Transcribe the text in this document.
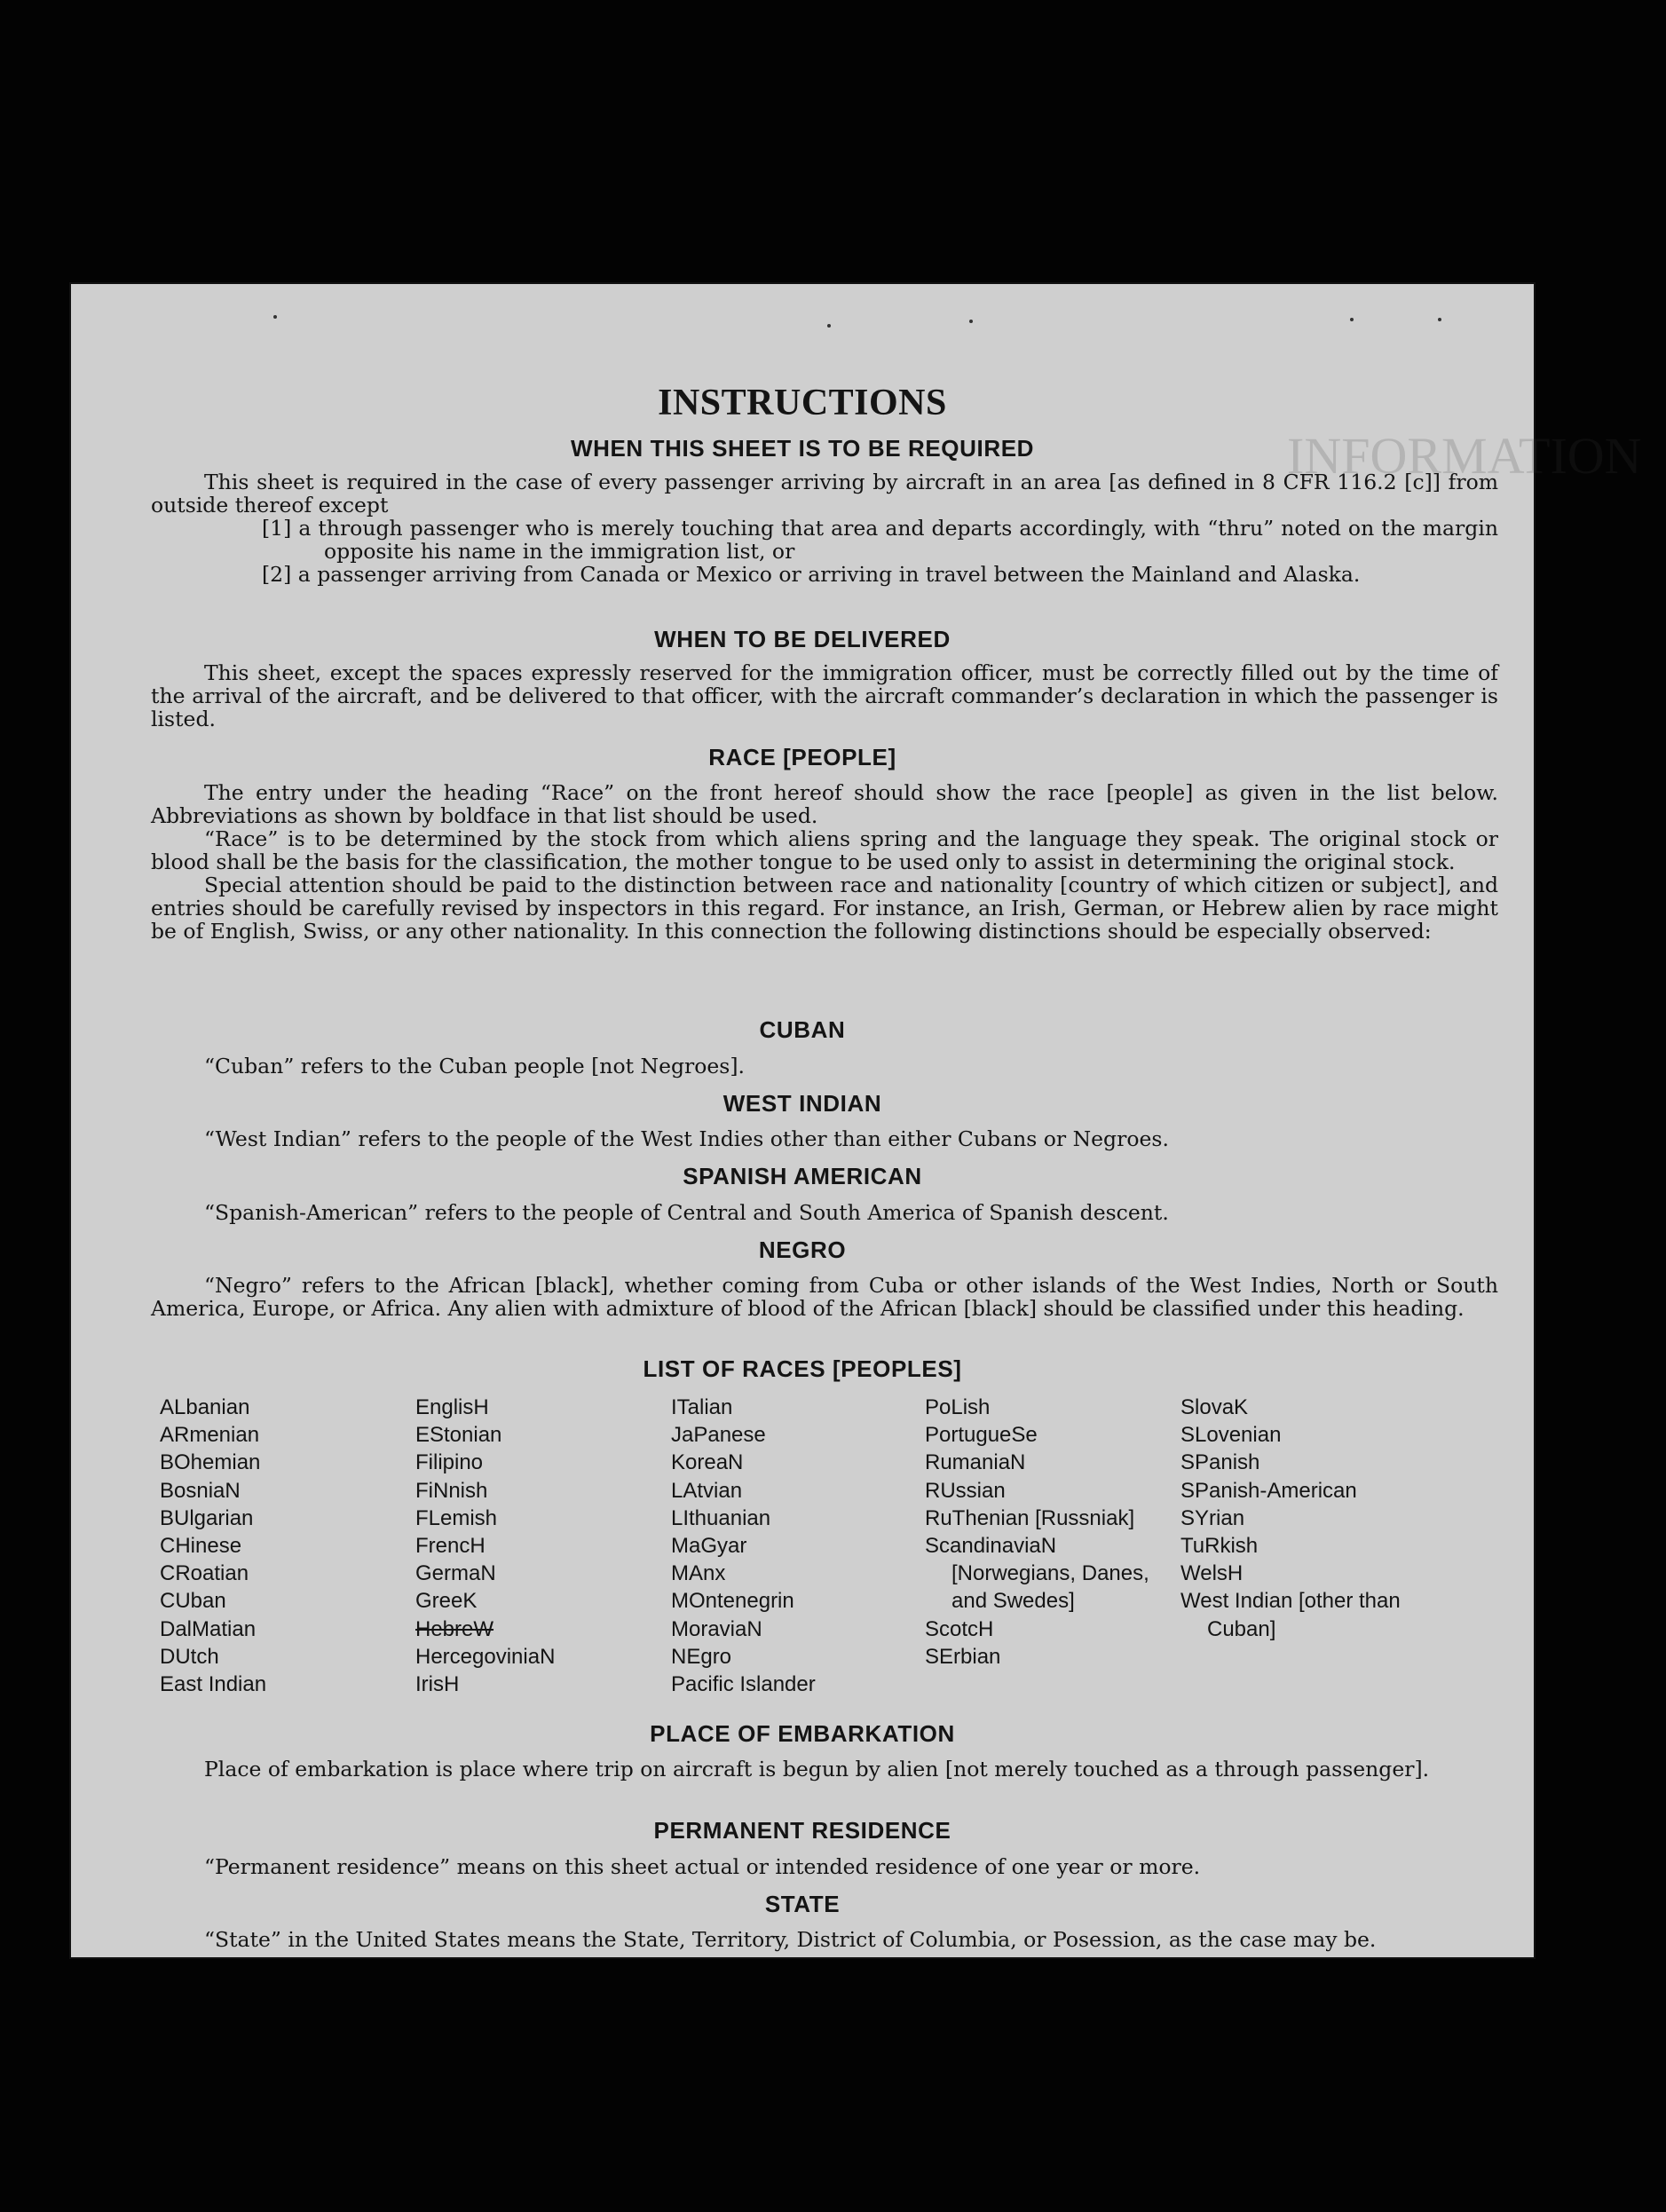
INFORMATION
INSTRUCTIONS
WHEN THIS SHEET IS TO BE REQUIRED

This sheet is required in the case of every passenger arriving by aircraft in an area [as defined in 8 CFR 116.2 [c]] from outside thereof except

[1] a through passenger who is merely touching that area and departs accordingly, with “thru” noted on the margin opposite his name in the immigration list, or

[2] a passenger arriving from Canada or Mexico or arriving in travel between the Mainland and Alaska.

WHEN TO BE DELIVERED

This sheet, except the spaces expressly reserved for the immigration officer, must be correctly filled out by the time of the arrival of the aircraft, and be delivered to that officer, with the aircraft commander’s declaration in which the passenger is listed.

RACE [PEOPLE]

The entry under the heading “Race” on the front hereof should show the race [people] as given in the list below. Abbreviations as shown by boldface in that list should be used.

“Race” is to be determined by the stock from which aliens spring and the language they speak. The original stock or blood shall be the basis for the classification, the mother tongue to be used only to assist in determining the original stock.

Special attention should be paid to the distinction between race and nationality [country of which citizen or subject], and entries should be carefully revised by inspectors in this regard. For instance, an Irish, German, or Hebrew alien by race might be of English, Swiss, or any other nationality. In this connection the following distinctions should be especially observed:

CUBAN

“Cuban” refers to the Cuban people [not Negroes].

WEST INDIAN

“West Indian” refers to the people of the West Indies other than either Cubans or Negroes.

SPANISH AMERICAN

“Spanish-American” refers to the people of Central and South America of Spanish descent.

NEGRO

“Negro” refers to the African [black], whether coming from Cuba or other islands of the West Indies, North or South America, Europe, or Africa. Any alien with admixture of blood of the African [black] should be classified under this heading.

LIST OF RACES [PEOPLES]
ALbanian
ARmenian
BOhemian
BosniaN
BUlgarian
CHinese
CRoatian
CUban
DalMatian
DUtch
East Indian
EnglisH
EStonian
Filipino
FiNnish
FLemish
FrencH
GermaN
GreeK
HebreW
HercegoviniaN
IrisH
ITalian
JaPanese
KoreaN
LAtvian
LIthuanian
MaGyar
MAnx
MOntenegrin
MoraviaN
NEgro
Pacific Islander
PoLish
PortugueSe
RumaniaN
RUssian
RuThenian [Russniak]
ScandinaviaN [Norwegians, Danes, and Swedes]
ScotcH
SErbian
SlovaK
SLovenian
SPanish
SPanish-American
SYrian
TuRkish
WelsH
West Indian [other than Cuban]
PLACE OF EMBARKATION

Place of embarkation is place where trip on aircraft is begun by alien [not merely touched as a through passenger].

PERMANENT RESIDENCE

“Permanent residence” means on this sheet actual or intended residence of one year or more.

STATE

“State” in the United States means the State, Territory, District of Columbia, or Posession, as the case may be.
